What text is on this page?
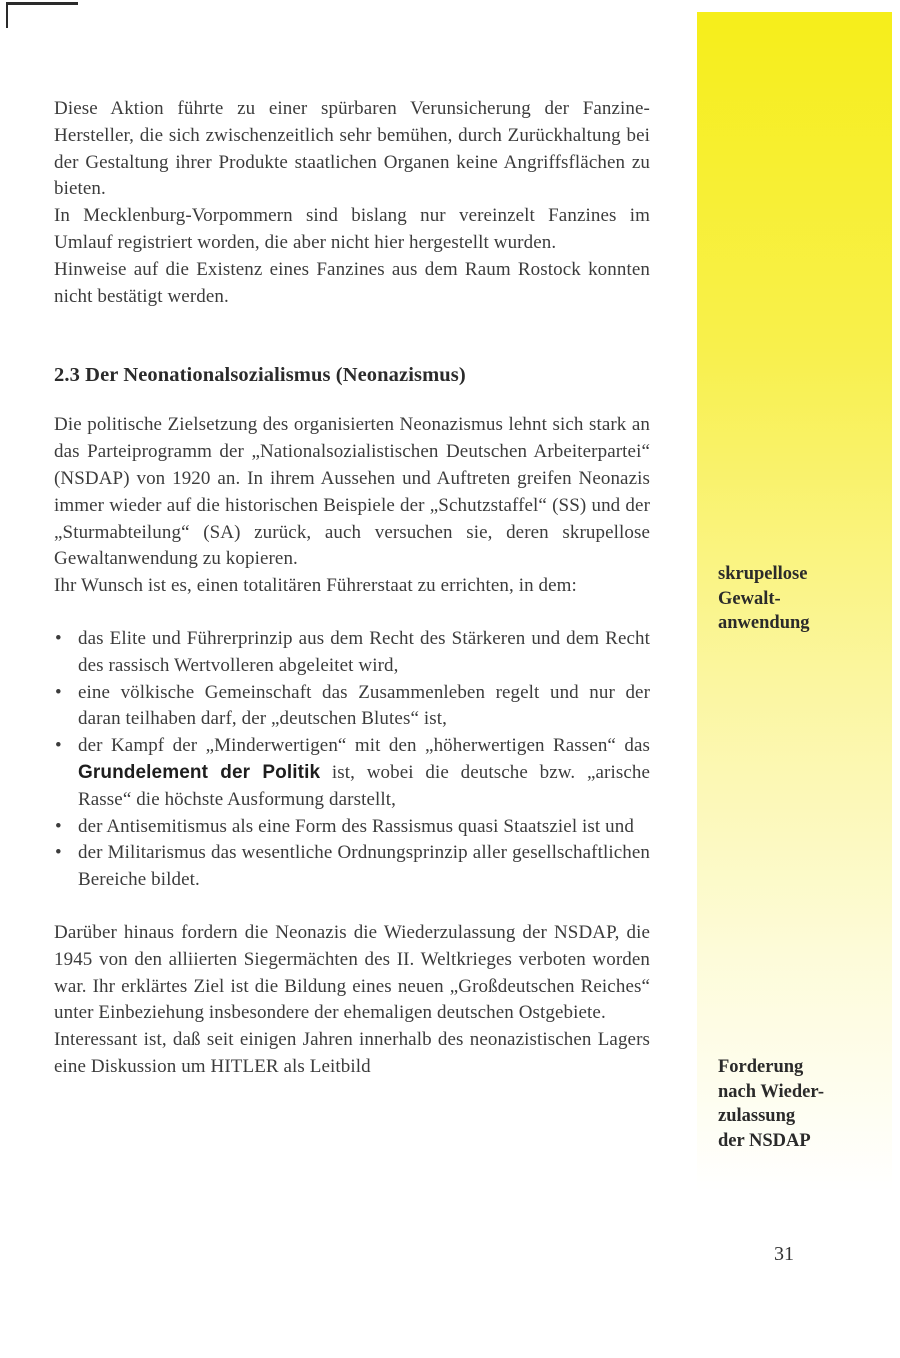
Diese Aktion führte zu einer spürbaren Verunsicherung der Fanzine-Hersteller, die sich zwischenzeitlich sehr bemühen, durch Zurückhaltung bei der Gestaltung ihrer Produkte staatlichen Organen keine Angriffsflächen zu bieten.

In Mecklenburg-Vorpommern sind bislang nur vereinzelt Fanzines im Umlauf registriert worden, die aber nicht hier hergestellt wurden.

Hinweise auf die Existenz eines Fanzines aus dem Raum Rostock konnten nicht bestätigt werden.

2.3 Der Neonationalsozialismus (Neonazismus)

Die politische Zielsetzung des organisierten Neonazismus lehnt sich stark an das Parteiprogramm der „Nationalsozialistischen Deutschen Arbeiterpartei“ (NSDAP) von 1920 an. In ihrem Aussehen und Auftreten greifen Neonazis immer wieder auf die historischen Beispiele der „Schutzstaffel“ (SS) und der „Sturmabteilung“ (SA) zurück, auch versuchen sie, deren skrupellose Gewaltanwendung zu kopieren.

Ihr Wunsch ist es, einen totalitären Führerstaat zu errichten, in dem:

• das Elite und Führerprinzip aus dem Recht des Stärkeren und dem Recht des rassisch Wertvolleren abgeleitet wird,
• eine völkische Gemeinschaft das Zusammenleben regelt und nur der daran teilhaben darf, der „deutschen Blutes“ ist,
• der Kampf der „Minderwertigen“ mit den „höherwertigen Rassen“ das Grundelement der Politik ist, wobei die deutsche bzw. „arische Rasse“ die höchste Ausformung darstellt,
• der Antisemitismus als eine Form des Rassismus quasi Staatsziel ist und
• der Militarismus das wesentliche Ordnungsprinzip aller gesellschaftlichen Bereiche bildet.

Darüber hinaus fordern die Neonazis die Wiederzulassung der NSDAP, die 1945 von den alliierten Siegermächten des II. Weltkrieges verboten worden war. Ihr erklärtes Ziel ist die Bildung eines neuen „Großdeutschen Reiches“ unter Einbeziehung insbesondere der ehemaligen deutschen Ostgebiete.

Interessant ist, daß seit einigen Jahren innerhalb des neonazistischen Lagers eine Diskussion um HITLER als Leitbild

skrupellose
Gewalt-
anwendung
Forderung
nach Wieder-
zulassung
der NSDAP
31
